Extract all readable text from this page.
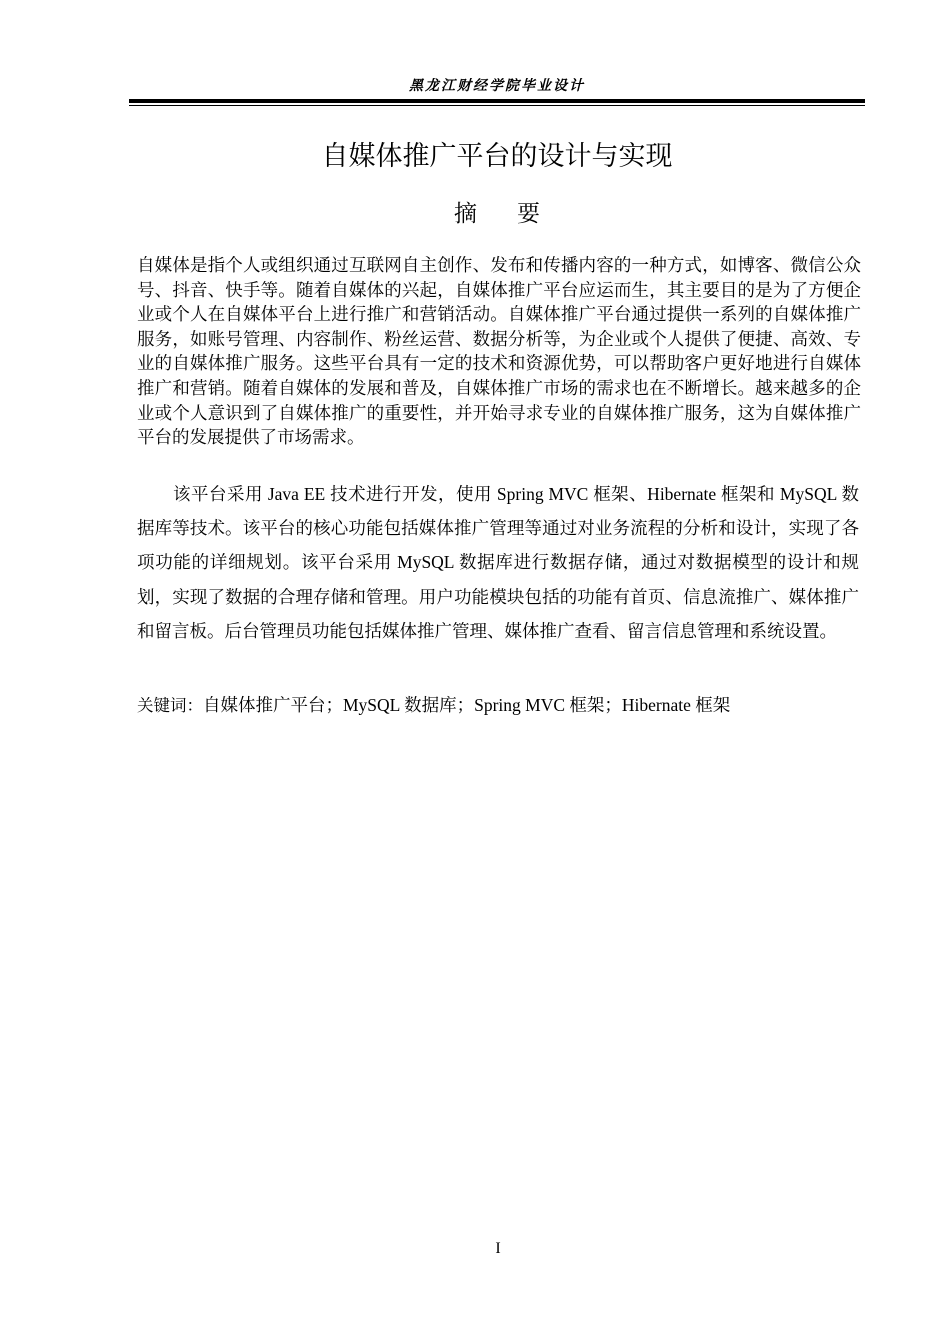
黑龙江财经学院毕业设计
自媒体推广平台的设计与实现
摘 要

自媒体是指个人或组织通过互联网自主创作、发布和传播内容的一种方式，如博客、微信公众号、抖音、快手等。随着自媒体的兴起，自媒体推广平台应运而生，其主要目的是为了方便企业或个人在自媒体平台上进行推广和营销活动。自媒体推广平台通过提供一系列的自媒体推广服务，如账号管理、内容制作、粉丝运营、数据分析等，为企业或个人提供了便捷、高效、专业的自媒体推广服务。这些平台具有一定的技术和资源优势，可以帮助客户更好地进行自媒体推广和营销。随着自媒体的发展和普及，自媒体推广市场的需求也在不断增长。越来越多的企业或个人意识到了自媒体推广的重要性，并开始寻求专业的自媒体推广服务，这为自媒体推广平台的发展提供了市场需求。

该平台采用 Java EE 技术进行开发，使用 Spring MVC 框架、Hibernate 框架和 MySQL 数据库等技术。该平台的核心功能包括媒体推广管理等通过对业务流程的分析和设计，实现了各项功能的详细规划。该平台采用 MySQL 数据库进行数据存储，通过对数据模型的设计和规划，实现了数据的合理存储和管理。用户功能模块包括的功能有首页、信息流推广、媒体推广和留言板。后台管理员功能包括媒体推广管理、媒体推广查看、留言信息管理和系统设置。

关键词：自媒体推广平台；MySQL 数据库；Spring MVC 框架；Hibernate 框架

I
